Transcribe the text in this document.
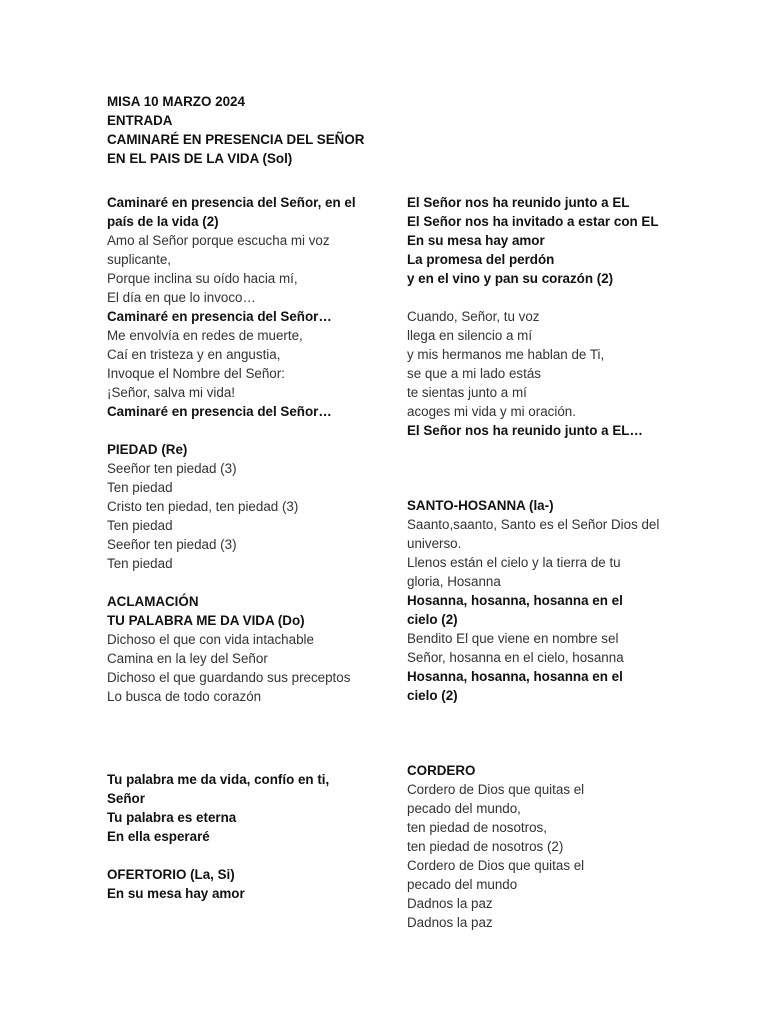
MISA 10 MARZO 2024
ENTRADA
CAMINARÉ EN PRESENCIA DEL SEÑOR
EN EL PAIS DE LA VIDA (Sol)
Caminaré en presencia del Señor, en el
país de la vida (2)
Amo al Señor porque escucha mi voz
suplicante,
Porque inclina su oído hacia mí,
El día en que lo invoco…
Caminaré en presencia del Señor…
Me envolvía en redes de muerte,
Caí en tristeza y en angustia,
Invoque el Nombre del Señor:
¡Señor, salva mi vida!
Caminaré en presencia del Señor…
PIEDAD (Re)
Seeñor ten piedad (3)
Ten piedad
Cristo ten piedad, ten piedad (3)
Ten piedad
Seeñor ten piedad (3)
Ten piedad
ACLAMACIÓN
TU PALABRA ME DA VIDA (Do)
Dichoso el que con vida intachable
Camina en la ley del Señor
Dichoso el que guardando sus preceptos
Lo busca de todo corazón
Tu palabra me da vida, confío en ti,
Señor
Tu palabra es eterna
En ella esperaré
OFERTORIO (La, Si)
En su mesa hay amor
El Señor nos ha reunido junto a EL
El Señor nos ha invitado a estar con EL
En su mesa hay amor
La promesa del perdón
y en el vino y pan su corazón (2)
Cuando, Señor, tu voz
llega en silencio a mí
y mis hermanos me hablan de Ti,
se que a mi lado estás
te sientas junto a mí
acoges mi vida y mi oración.
El Señor nos ha reunido junto a EL…
SANTO-HOSANNA (la-)
Saanto,saanto, Santo es el Señor Dios del
universo.
Llenos están el cielo y la tierra de tu
gloria, Hosanna
Hosanna, hosanna, hosanna en el
cielo (2)
Bendito El que viene en nombre sel
Señor, hosanna en el cielo, hosanna
Hosanna, hosanna, hosanna en el
cielo (2)
CORDERO
Cordero de Dios que quitas el
pecado del mundo,
ten piedad de nosotros,
ten piedad de nosotros (2)
Cordero de Dios que quitas el
pecado del mundo
Dadnos la paz
Dadnos la paz
